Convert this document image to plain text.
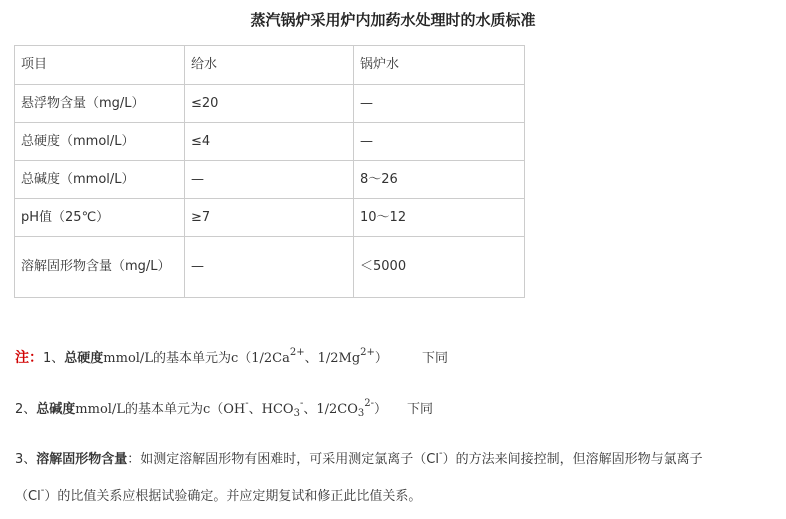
蒸汽锅炉采用炉内加药水处理时的水质标准
项目	给水	锅炉水
悬浮物含量（mg/L）	≤20	—
总硬度（mmol/L）	≤4	—
总碱度（mmol/L）	—	8～26
pH值（25℃）	≥7	10～12
溶解固形物含量（mg/L）	—	＜5000
注：1、总硬度mmol/L的基本单元为$c(1/2Ca^{2+}$、$1/2Mg^{2+}$）	下同
2、总碱度mmol/L的基本单元为c（OH-、$HCO_3^-$、$1/2CO_3^{2-}$） 下同
3、溶解固形物含量：如测定溶解固形物有困难时，可采用测定氯离子（Cl-）的方法来间接控制，但溶解固形物与氯离子
（Cl-）的比值关系应根据试验确定。并应定期复试和修正此比值关系。
